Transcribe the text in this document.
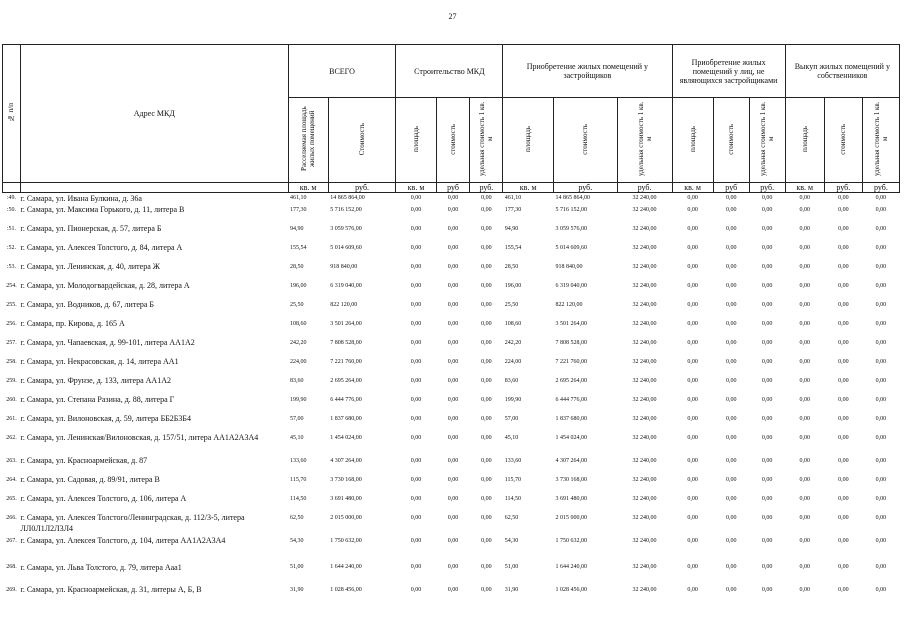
27
№ п/п	Адрес МКД	ВСЕГО		Строительство МКД			Приобретение жилых помещений у застройщиков			Приобретение жилых помещений у лиц, не являющихся застройщиками			Выкуп жилых помещений у собственников		
		Расселяемая площадь жилых помещений	Стоимость	площадь	стоимость	удельная стоимость 1 кв. м	площадь	стоимость	удельная стоимость 1 кв. м	площадь	стоимость	удельная стоимость 1 кв. м	площадь	стоимость	удельная стоимость 1 кв. м
		кв. м	руб.	кв. м	руб	руб.	кв. м	руб.	руб.	кв. м	руб	руб.	кв. м	руб.	руб.
:49.	г. Самара, ул. Ивана Булкина, д. 36а	461,10	14 865 864,00	0,00	0,00	0,00	461,10	14 865 864,00	32 240,00	0,00	0,00	0,00	0,00	0,00	0,00
:50.	г. Самара, ул. Максима Горького, д. 11, литера В	177,30	5 716 152,00	0,00	0,00	0,00	177,30	5 716 152,00	32 240,00	0,00	0,00	0,00	0,00	0,00	0,00
:51.	г. Самара, ул. Пионерская, д. 57, литера Б	94,90	3 059 576,00	0,00	0,00	0,00	94,90	3 059 576,00	32 240,00	0,00	0,00	0,00	0,00	0,00	0,00
:52.	г. Самара, ул. Алексея Толстого, д. 84, литера А	155,54	5 014 609,60	0,00	0,00	0,00	155,54	5 014 609,60	32 240,00	0,00	0,00	0,00	0,00	0,00	0,00
:53.	г. Самара, ул. Ленинская, д. 40, литера Ж	28,50	918 840,00	0,00	0,00	0,00	28,50	918 840,00	32 240,00	0,00	0,00	0,00	0,00	0,00	0,00
254.	г. Самара, ул. Молодогвардейская, д. 28, литера А	196,00	6 319 040,00	0,00	0,00	0,00	196,00	6 319 040,00	32 240,00	0,00	0,00	0,00	0,00	0,00	0,00
255.	г. Самара, ул. Водников, д. 67, литера Б	25,50	822 120,00	0,00	0,00	0,00	25,50	822 120,00	32 240,00	0,00	0,00	0,00	0,00	0,00	0,00
256.	г. Самара, пр. Кирова, д. 165 А	108,60	3 501 264,00	0,00	0,00	0,00	108,60	3 501 264,00	32 240,00	0,00	0,00	0,00	0,00	0,00	0,00
257.	г. Самара, ул. Чапаевская, д. 99-101, литера АА1А2	242,20	7 808 528,00	0,00	0,00	0,00	242,20	7 808 528,00	32 240,00	0,00	0,00	0,00	0,00	0,00	0,00
258.	г. Самара, ул. Некрасовская, д. 14, литера АА1	224,00	7 221 760,00	0,00	0,00	0,00	224,00	7 221 760,00	32 240,00	0,00	0,00	0,00	0,00	0,00	0,00
259.	г. Самара, ул. Фрунзе, д. 133, литера АА1А2	83,60	2 695 264,00	0,00	0,00	0,00	83,60	2 695 264,00	32 240,00	0,00	0,00	0,00	0,00	0,00	0,00
260.	г. Самара, ул. Степана Разина, д. 88, литера Г	199,90	6 444 776,00	0,00	0,00	0,00	199,90	6 444 776,00	32 240,00	0,00	0,00	0,00	0,00	0,00	0,00
261.	г. Самара, ул. Вилоновская, д. 59, литера ББ2Б3Б4	57,00	1 837 680,00	0,00	0,00	0,00	57,00	1 837 680,00	32 240,00	0,00	0,00	0,00	0,00	0,00	0,00
262.	г. Самара, ул. Ленинская/Вилоновская, д. 157/51, литера АА1А2А3А4	45,10	1 454 024,00	0,00	0,00	0,00	45,10	1 454 024,00	32 240,00	0,00	0,00	0,00	0,00	0,00	0,00
263.	г. Самара, ул. Красноармейская, д. 87	133,60	4 307 264,00	0,00	0,00	0,00	133,60	4 307 264,00	32 240,00	0,00	0,00	0,00	0,00	0,00	0,00
264.	г. Самара, ул. Садовая, д. 89/91, литера В	115,70	3 730 168,00	0,00	0,00	0,00	115,70	3 730 168,00	32 240,00	0,00	0,00	0,00	0,00	0,00	0,00
265.	г. Самара, ул. Алексея Толстого, д. 106, литера А	114,50	3 691 480,00	0,00	0,00	0,00	114,50	3 691 480,00	32 240,00	0,00	0,00	0,00	0,00	0,00	0,00
266.	г. Самара, ул. Алексея Толстого/Ленинградская, д. 112/3-5, литера ЛЛ0Л1Л2Л3Л4	62,50	2 015 000,00	0,00	0,00	0,00	62,50	2 015 000,00	32 240,00	0,00	0,00	0,00	0,00	0,00	0,00
267.	г. Самара, ул. Алексея Толстого, д. 104, литера АА1А2А3А4	54,30	1 750 632,00	0,00	0,00	0,00	54,30	1 750 632,00	32 240,00	0,00	0,00	0,00	0,00	0,00	0,00
268.	г. Самара, ул. Льва Толстого, д. 79, литера Ааа1	51,00	1 644 240,00	0,00	0,00	0,00	51,00	1 644 240,00	32 240,00	0,00	0,00	0,00	0,00	0,00	0,00
269.	г. Самара, ул. Красноармейская, д. 31, литеры А, Б, В	31,90	1 028 456,00	0,00	0,00	0,00	31,90	1 028 456,00	32 240,00	0,00	0,00	0,00	0,00	0,00	0,00
